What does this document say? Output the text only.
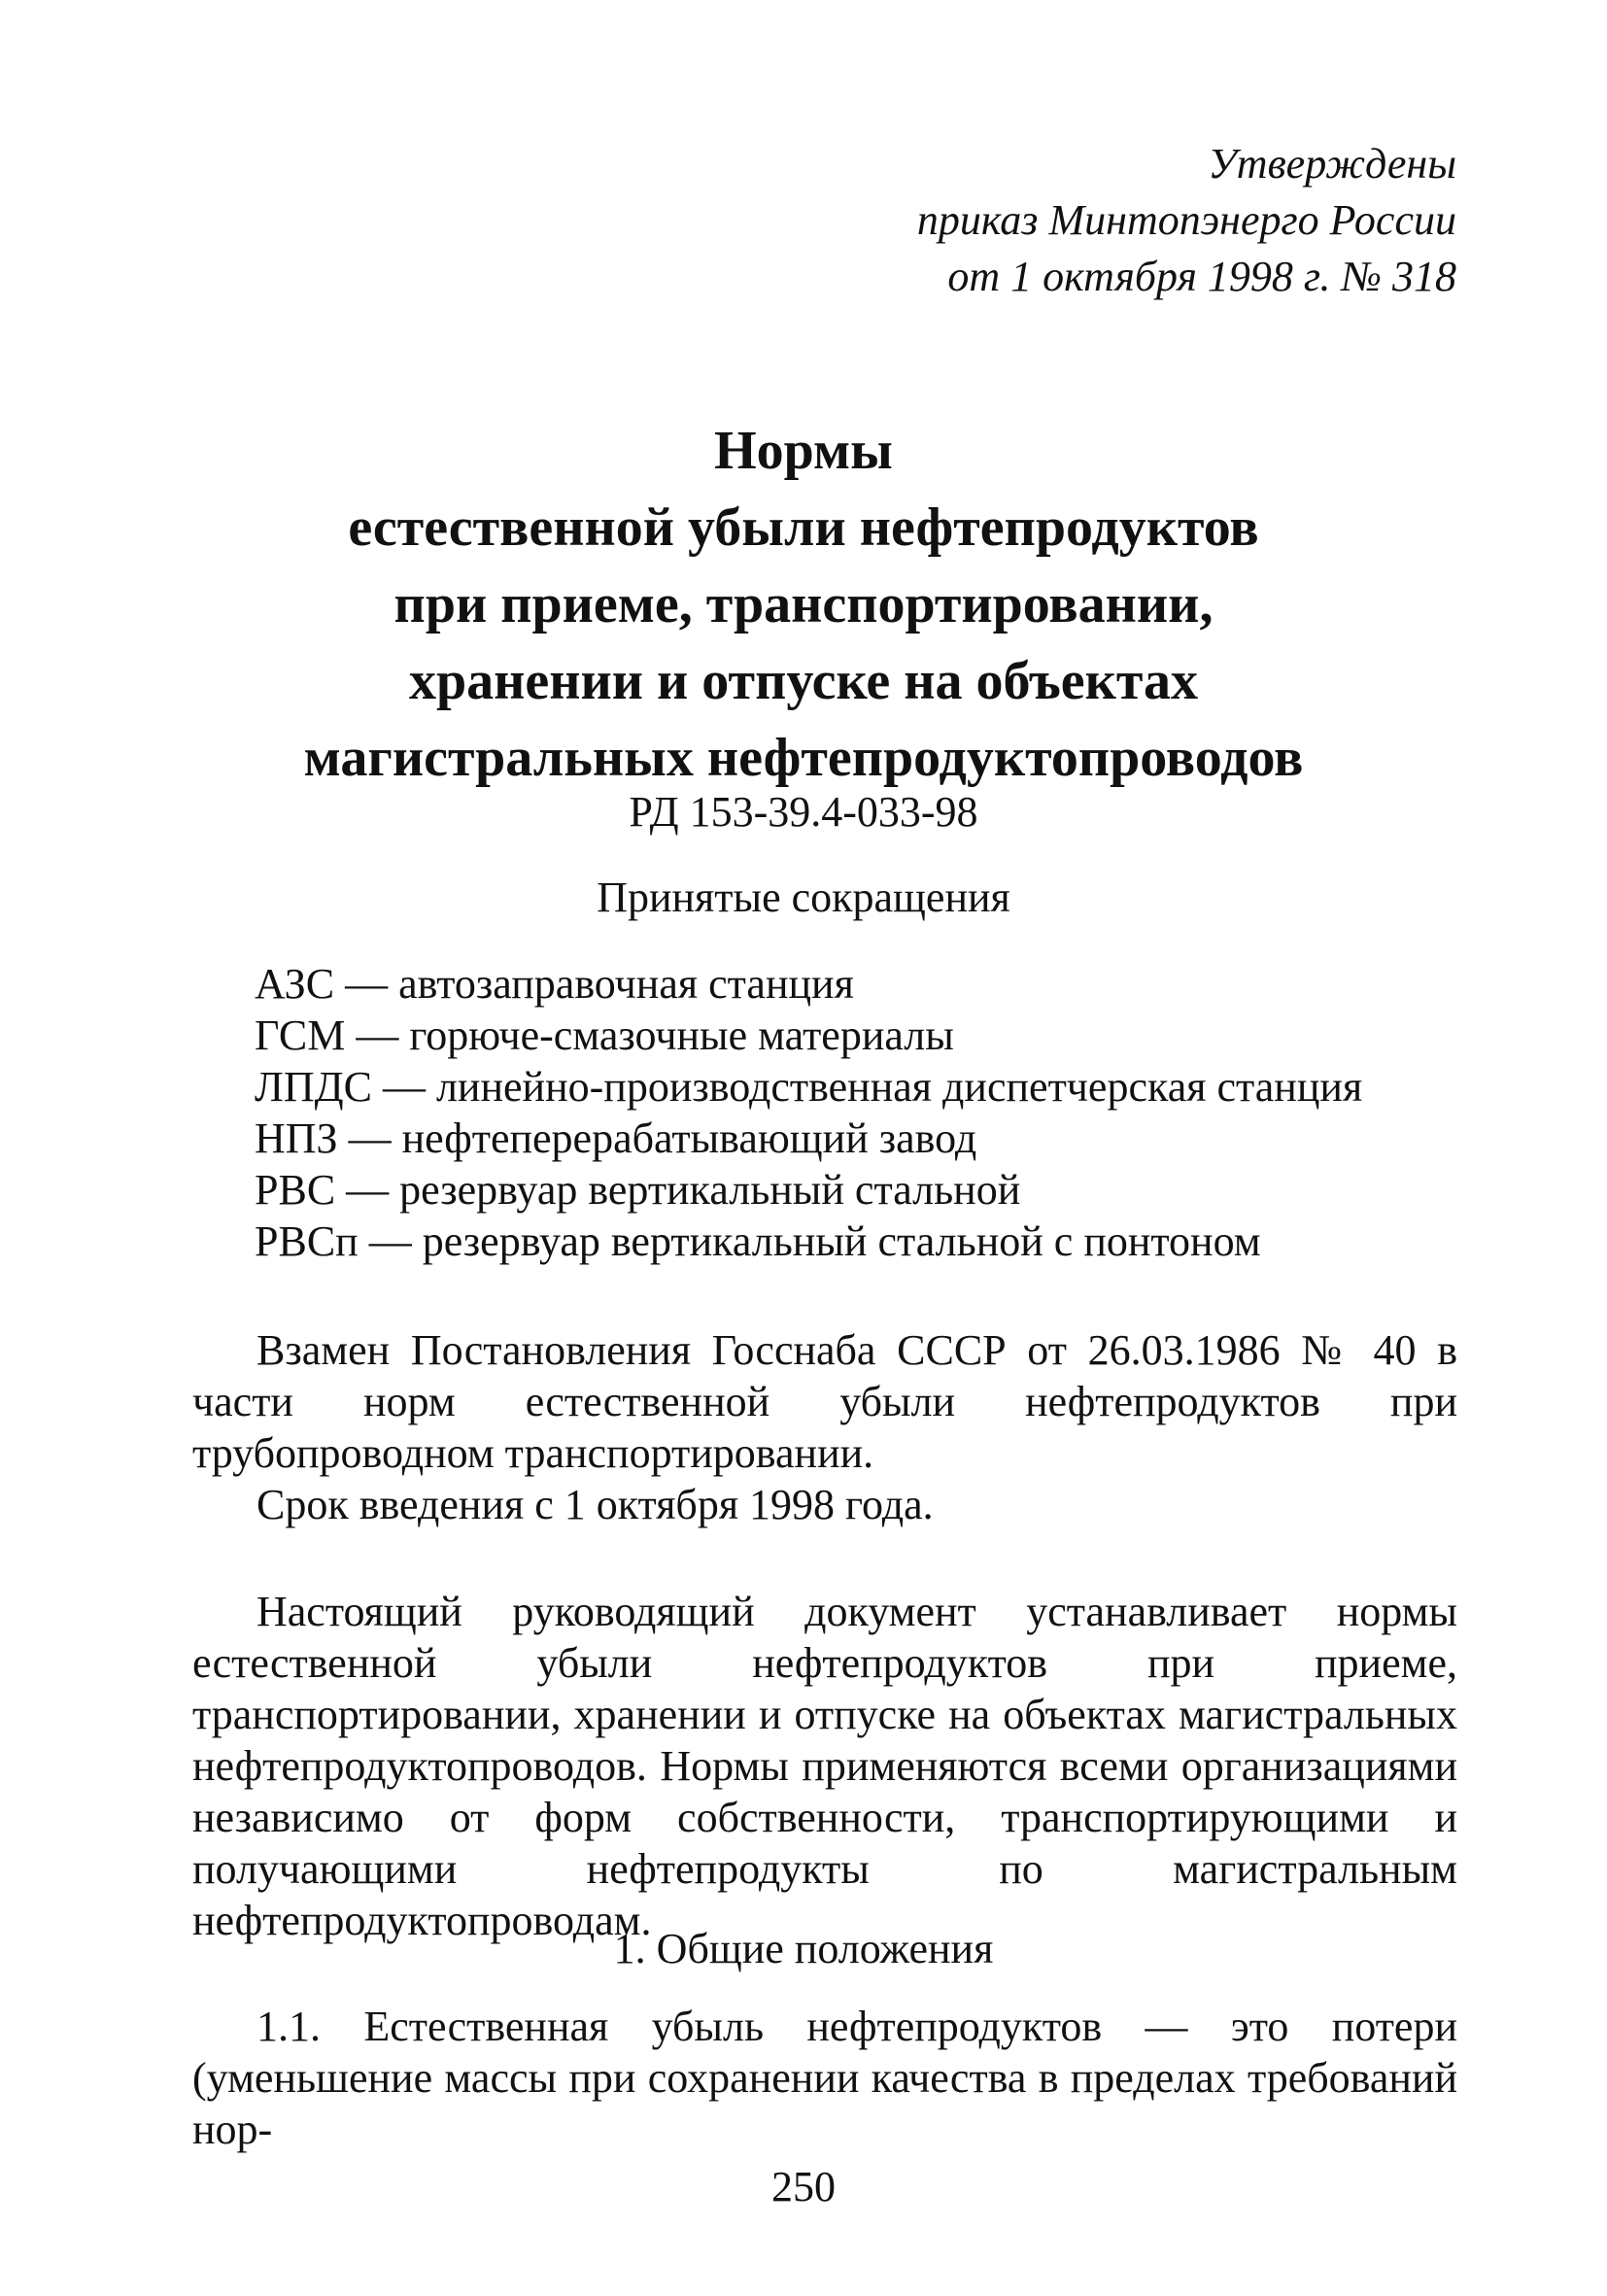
Утверждены
приказ Минтопэнерго России
от 1 октября 1998 г. № 318
Нормы
естественной убыли нефтепродуктов
при приеме, транспортировании,
хранении и отпуске на объектах
магистральных нефтепродуктопроводов
РД 153-39.4-033-98
Принятые сокращения
АЗС — автозаправочная станция
ГСМ — горюче-смазочные материалы
ЛПДС — линейно-производственная диспетчерская станция
НПЗ — нефтеперерабатывающий завод
РВС — резервуар вертикальный стальной
РВСп — резервуар вертикальный стальной с понтоном

Взамен Постановления Госснаба СССР от 26.03.1986 № 40 в части норм естественной убыли нефтепродуктов при трубопроводном транспортировании.

Срок введения с 1 октября 1998 года.

Настоящий руководящий документ устанавливает нормы естественной убыли нефтепродуктов при приеме, транспортировании, хранении и отпуске на объектах магистральных нефтепродуктопроводов. Нормы применяются всеми организациями независимо от форм собственности, транспортирующими и получающими нефтепродукты по магистральным нефтепродуктопроводам.

1. Общие положения

1.1. Естественная убыль нефтепродуктов — это потери (уменьшение массы при сохранении качества в пределах требований нор-

250
